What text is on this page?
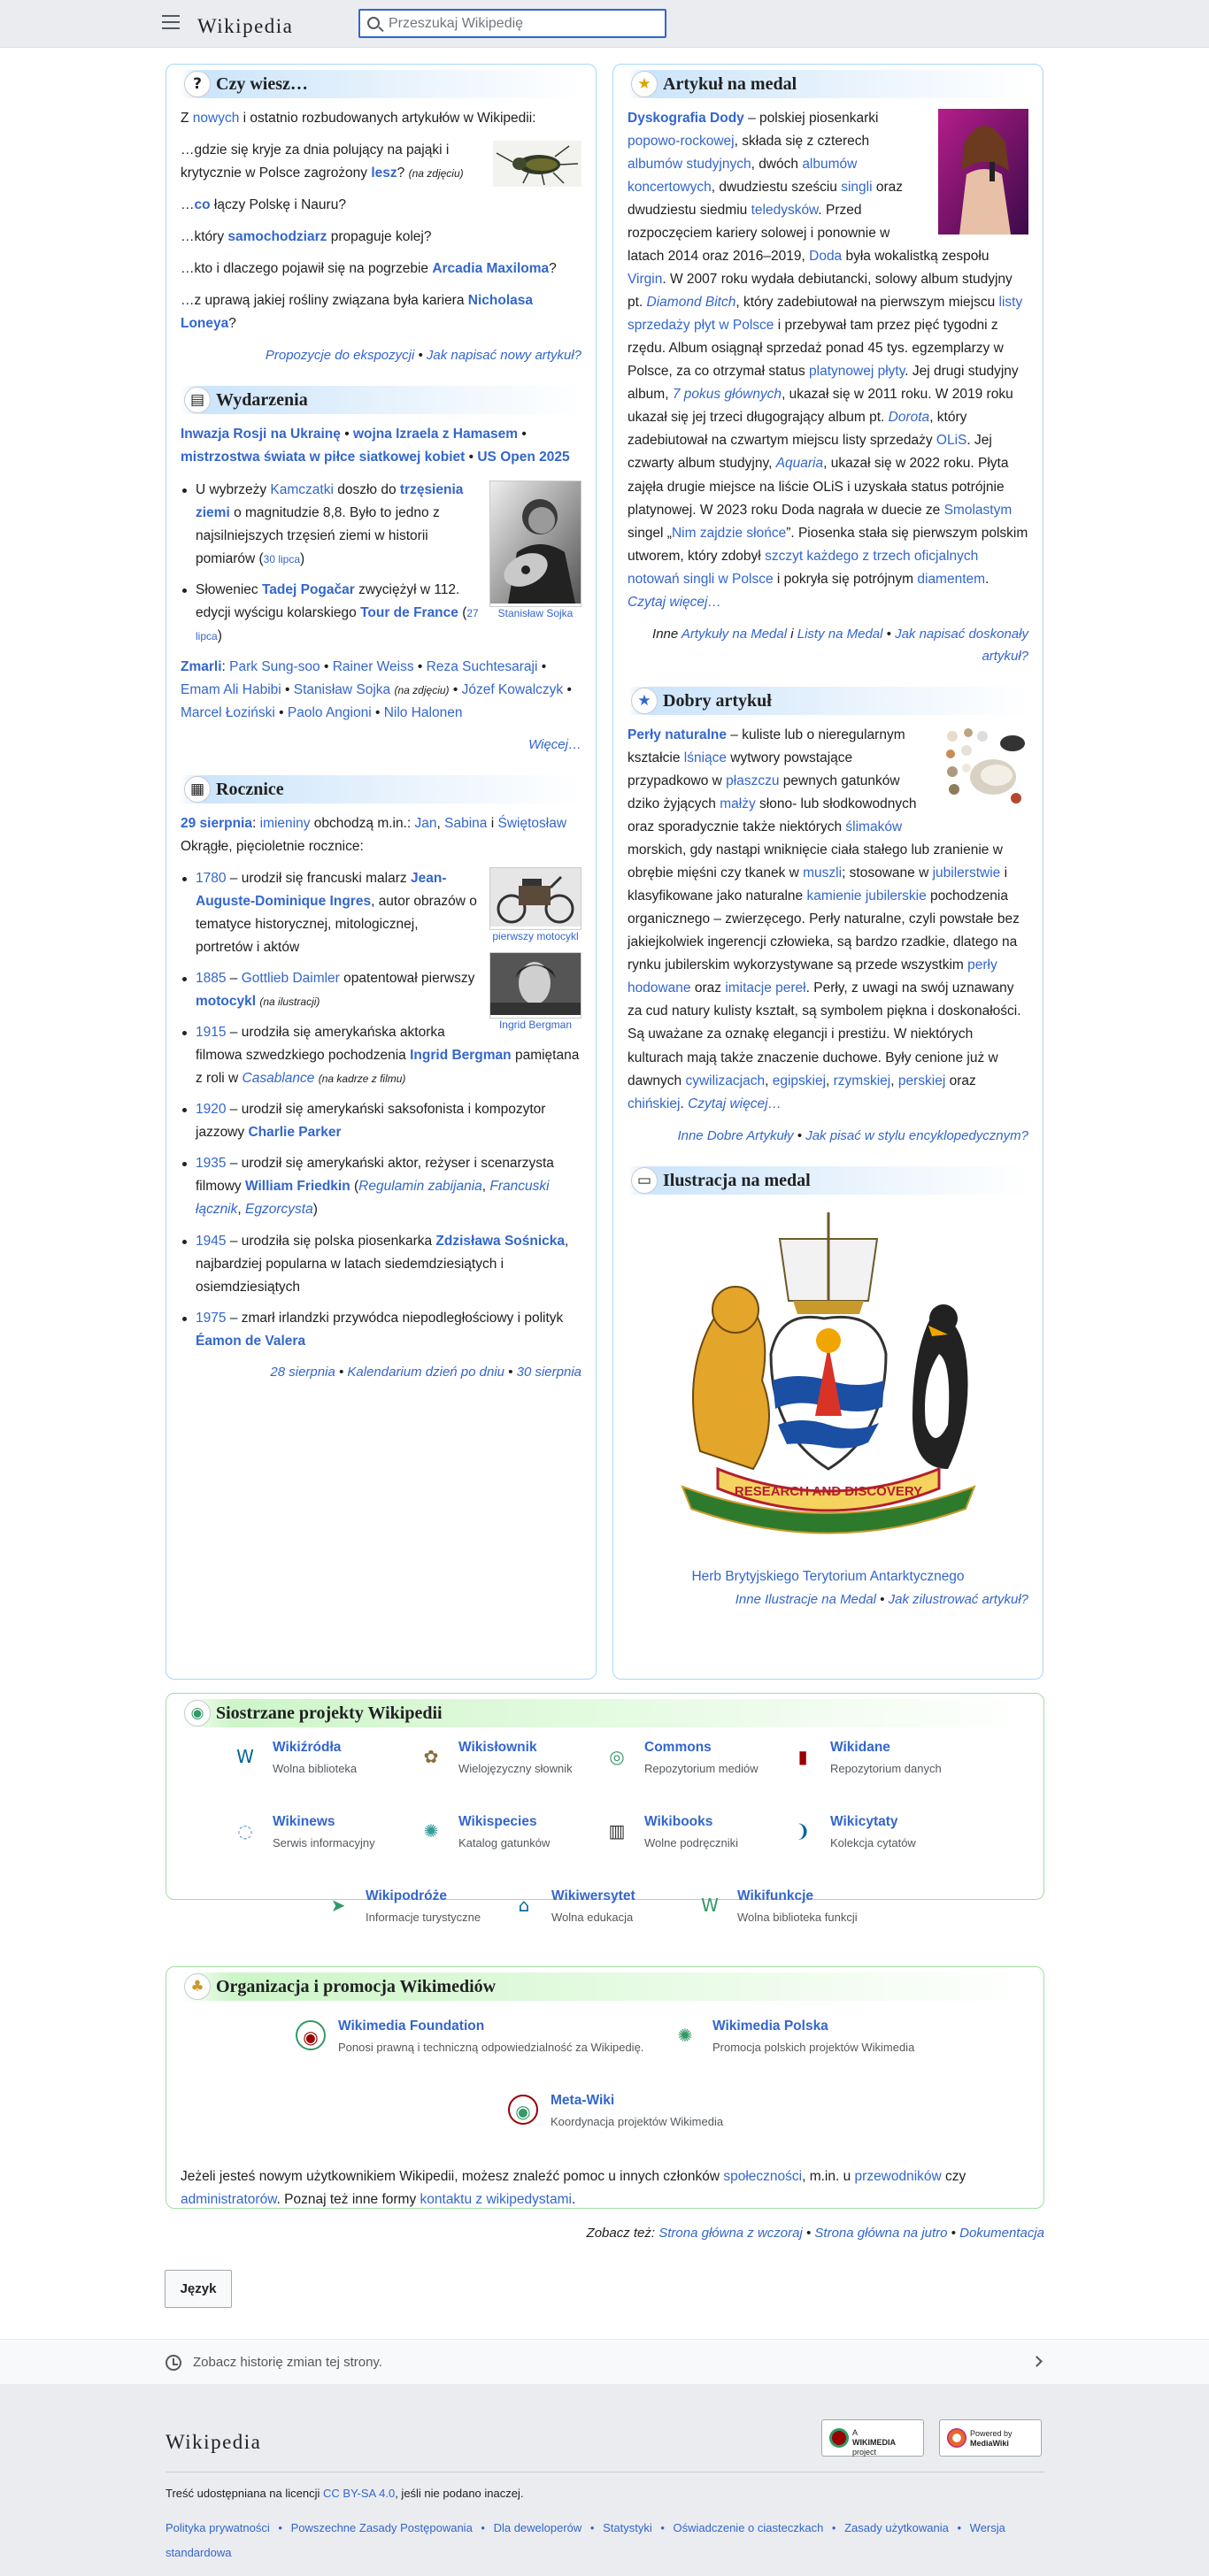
Wikipedia
Przeszukaj Wikipedię
? Czy wiesz…

Z nowych i ostatnio rozbudowanych artykułów w Wikipedii:

…gdzie się kryje za dnia polujący na pająki i krytycznie w Polsce zagrożony lesz? (na zdjęciu)

…co łączy Polskę i Nauru?

…który samochodziarz propaguje kolej?

…kto i dlaczego pojawił się na pogrzebie Arcadia Maxiloma?

…z uprawą jakiej rośliny związana była kariera Nicholasa Loneya?

Propozycje do ekspozycji • Jak napisać nowy artykuł?
▤ Wydarzenia

Inwazja Rosji na Ukrainę • wojna Izraela z Hamasem • mistrzostwa świata w piłce siatkowej kobiet • US Open 2025

Stanisław Sojka
U wybrzeży Kamczatki doszło do trzęsienia ziemi o magnitudzie 8,8. Było to jedno z najsilniejszych trzęsień ziemi w historii pomiarów (30 lipca)
Słoweniec Tadej Pogačar zwyciężył w 112. edycji wyścigu kolarskiego Tour de France (27 lipca)

Zmarli: Park Sung-soo • Rainer Weiss • Reza Suchtesaraji • Emam Ali Habibi • Stanisław Sojka (na zdjęciu) • Józef Kowalczyk • Marcel Łoziński • Paolo Angioni • Nilo Halonen

Więcej…
▦ Rocznice

29 sierpnia: imieniny obchodzą m.in.: Jan, Sabina i Świętosław
Okrągłe, pięcioletnie rocznice:

pierwszy motocykl
Ingrid Bergman
1780 – urodził się francuski malarz Jean-Auguste-Dominique Ingres, autor obrazów o tematyce historycznej, mitologicznej, portretów i aktów
1885 – Gottlieb Daimler opatentował pierwszy motocykl (na ilustracji)
1915 – urodziła się amerykańska aktorka filmowa szwedzkiego pochodzenia Ingrid Bergman pamiętana z roli w Casablance (na kadrze z filmu)
1920 – urodził się amerykański saksofonista i kompozytor jazzowy Charlie Parker
1935 – urodził się amerykański aktor, reżyser i scenarzysta filmowy William Friedkin (Regulamin zabijania, Francuski łącznik, Egzorcysta)
1945 – urodziła się polska piosenkarka Zdzisława Sośnicka, najbardziej popularna w latach siedemdziesiątych i osiemdziesiątych
1975 – zmarł irlandzki przywódca niepodległościowy i polityk Éamon de Valera
28 sierpnia • Kalendarium dzień po dniu • 30 sierpnia
★ Artykuł na medal

Dyskografia Dody – polskiej piosenkarki popowo-rockowej, składa się z czterech albumów studyjnych, dwóch albumów koncertowych, dwudziestu sześciu singli oraz dwudziestu siedmiu teledysków. Przed rozpoczęciem kariery solowej i ponownie w latach 2014 oraz 2016–2019, Doda była wokalistką zespołu Virgin. W 2007 roku wydała debiutancki, solowy album studyjny pt. Diamond Bitch, który zadebiutował na pierwszym miejscu listy sprzedaży płyt w Polsce i przebywał tam przez pięć tygodni z rzędu. Album osiągnął sprzedaż ponad 45 tys. egzemplarzy w Polsce, za co otrzymał status platynowej płyty. Jej drugi studyjny album, 7 pokus głównych, ukazał się w 2011 roku. W 2019 roku ukazał się jej trzeci długogrający album pt. Dorota, który zadebiutował na czwartym miejscu listy sprzedaży OLiS. Jej czwarty album studyjny, Aquaria, ukazał się w 2022 roku. Płyta zajęła drugie miejsce na liście OLiS i uzyskała status potrójnie platynowej. W 2023 roku Doda nagrała w duecie ze Smolastym singel „Nim zajdzie słońce”. Piosenka stała się pierwszym polskim utworem, który zdobył szczyt każdego z trzech oficjalnych notowań singli w Polsce i pokryła się potrójnym diamentem. Czytaj więcej…

Inne Artykuły na Medal i Listy na Medal • Jak napisać doskonały artykuł?
★ Dobry artykuł

Perły naturalne – kuliste lub o nieregularnym kształcie lśniące wytwory powstające przypadkowo w płaszczu pewnych gatunków dziko żyjących małży słono- lub słodkowodnych oraz sporadycznie także niektórych ślimaków morskich, gdy nastąpi wniknięcie ciała stałego lub zranienie w obrębie mięśni czy tkanek w muszli; stosowane w jubilerstwie i klasyfikowane jako naturalne kamienie jubilerskie pochodzenia organicznego – zwierzęcego. Perły naturalne, czyli powstałe bez jakiejkolwiek ingerencji człowieka, są bardzo rzadkie, dlatego na rynku jubilerskim wykorzystywane są przede wszystkim perły hodowane oraz imitacje pereł. Perły, z uwagi na swój uznawany za cud natury kulisty kształt, są symbolem piękna i doskonałości. Są uważane za oznakę elegancji i prestiżu. W niektórych kulturach mają także znaczenie duchowe. Były cenione już w dawnych cywilizacjach, egipskiej, rzymskiej, perskiej oraz chińskiej. Czytaj więcej…

Inne Dobre Artykuły • Jak pisać w stylu encyklopedycznym?
▭ Ilustracja na medal
RESEARCH AND DISCOVERY
Herb Brytyjskiego Terytorium Antarktycznego
Inne Ilustracje na Medal • Jak zilustrować artykuł?
◉ Siostrzane projekty Wikipedii
W	Wikiźródła
Wolna biblioteka
✿	Wikisłownik
Wielojęzyczny słownik
◎	Commons
Repozytorium mediów
▮	Wikidane
Repozytorium danych
◌	Wikinews
Serwis informacyjny
✺	Wikispecies
Katalog gatunków
▥	Wikibooks
Wolne podręczniki
❩	Wikicytaty
Kolekcja cytatów
➤	Wikipodróże
Informacje turystyczne
⌂	Wikiwersytet
Wolna edukacja
W	Wikifunkcje
Wolna biblioteka funkcji
♣ Organizacja i promocja Wikimediów
◉
Wikimedia Foundation
Ponosi prawną i techniczną odpowiedzialność za Wikipedię.
✺	Wikimedia Polska
Promocja polskich projektów Wikimedia
◉
Meta-Wiki
Koordynacja projektów Wikimedia

Jeżeli jesteś nowym użytkownikiem Wikipedii, możesz znaleźć pomoc u innych członków społeczności, m.in. u przewodników czy administratorów. Poznaj też inne formy kontaktu z wikipedystami.

Zobacz też: Strona główna z wczoraj • Strona główna na jutro • Dokumentacja
Język
Zobacz historię zmian tej strony.
Wikipedia	A
WIKIMEDIA
project
Powered by
MediaWiki
Treść udostępniana na licencji CC BY-SA 4.0, jeśli nie podano inaczej.
Polityka prywatności • Powszechne Zasady Postępowania • Dla deweloperów • Statystyki • Oświadczenie o ciasteczkach • Zasady użytkowania • Wersja standardowa
